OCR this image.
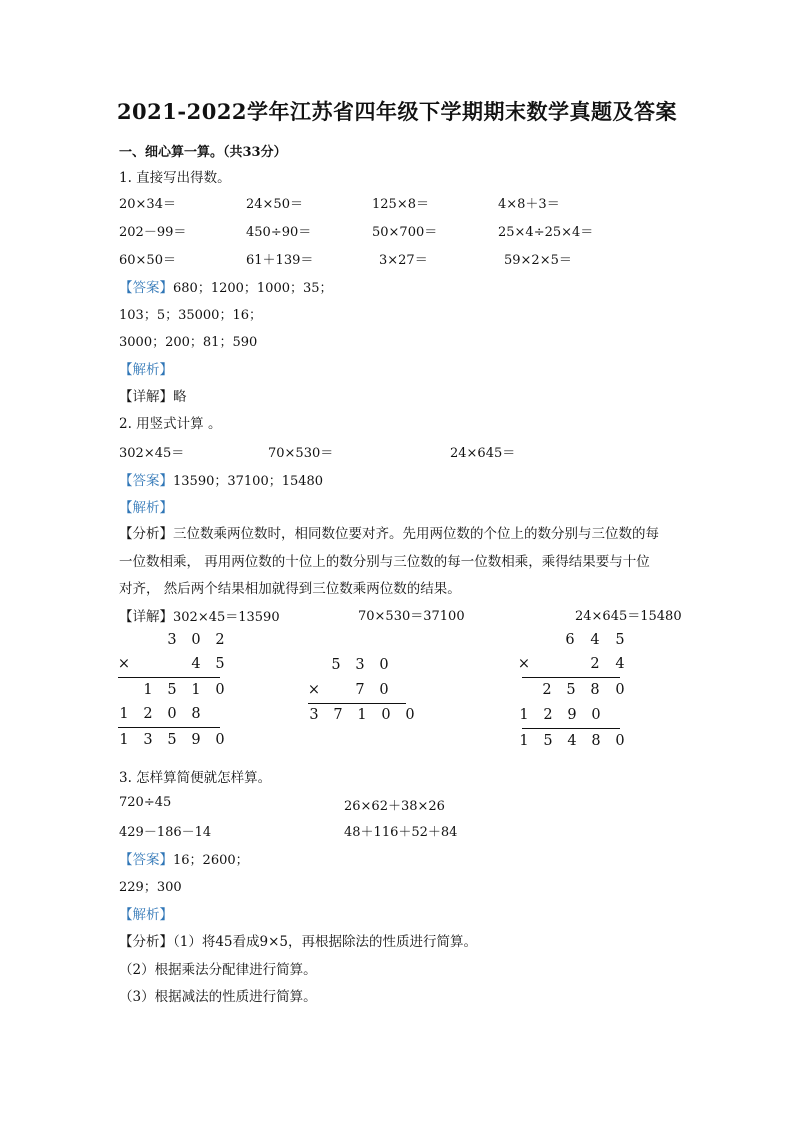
2021-2022学年江苏省四年级下学期期末数学真题及答案
一、细心算一算。（共33分）
1. 直接写出得数。
20×34＝	24×50＝	125×8＝	4×8＋3＝
202－99＝	450÷90＝	50×700＝	25×4÷25×4＝
60×50＝	61＋139＝	3×27＝	59×2×5＝
【答案】680；1200；1000；35；
103；5；35000；16；
3000；200；81；590
【解析】
【详解】略
2. 用竖式计算 。
302×45＝	70×530＝	24×645＝
【答案】13590；37100；15480
【解析】
【分析】三位数乘两位数时，相同数位要对齐。先用两位数的个位上的数分别与三位数的每
一位数相乘， 再用两位数的十位上的数分别与三位数的每一位数相乘，乘得结果要与十位
对齐， 然后两个结果相加就得到三位数乘两位数的结果。
【详解】302×45＝13590	70×530＝37100	24×645＝15480
3	0	2
×	4	5
1	5	1	0
1	2	0	8
1	3	5	9	0
5	3	0
×	7	0
3	7	1	0	0
6	4	5
×	2	4
2	5	8	0
1	2	9	0
1	5	4	8	0
3. 怎样算简便就怎样算。
720÷45	26×62＋38×26
429－186－14	48＋116＋52＋84
【答案】16；2600；
229；300
【解析】
【分析】（1）将45看成9×5，再根据除法的性质进行简算。
（2）根据乘法分配律进行简算。
（3）根据减法的性质进行简算。
